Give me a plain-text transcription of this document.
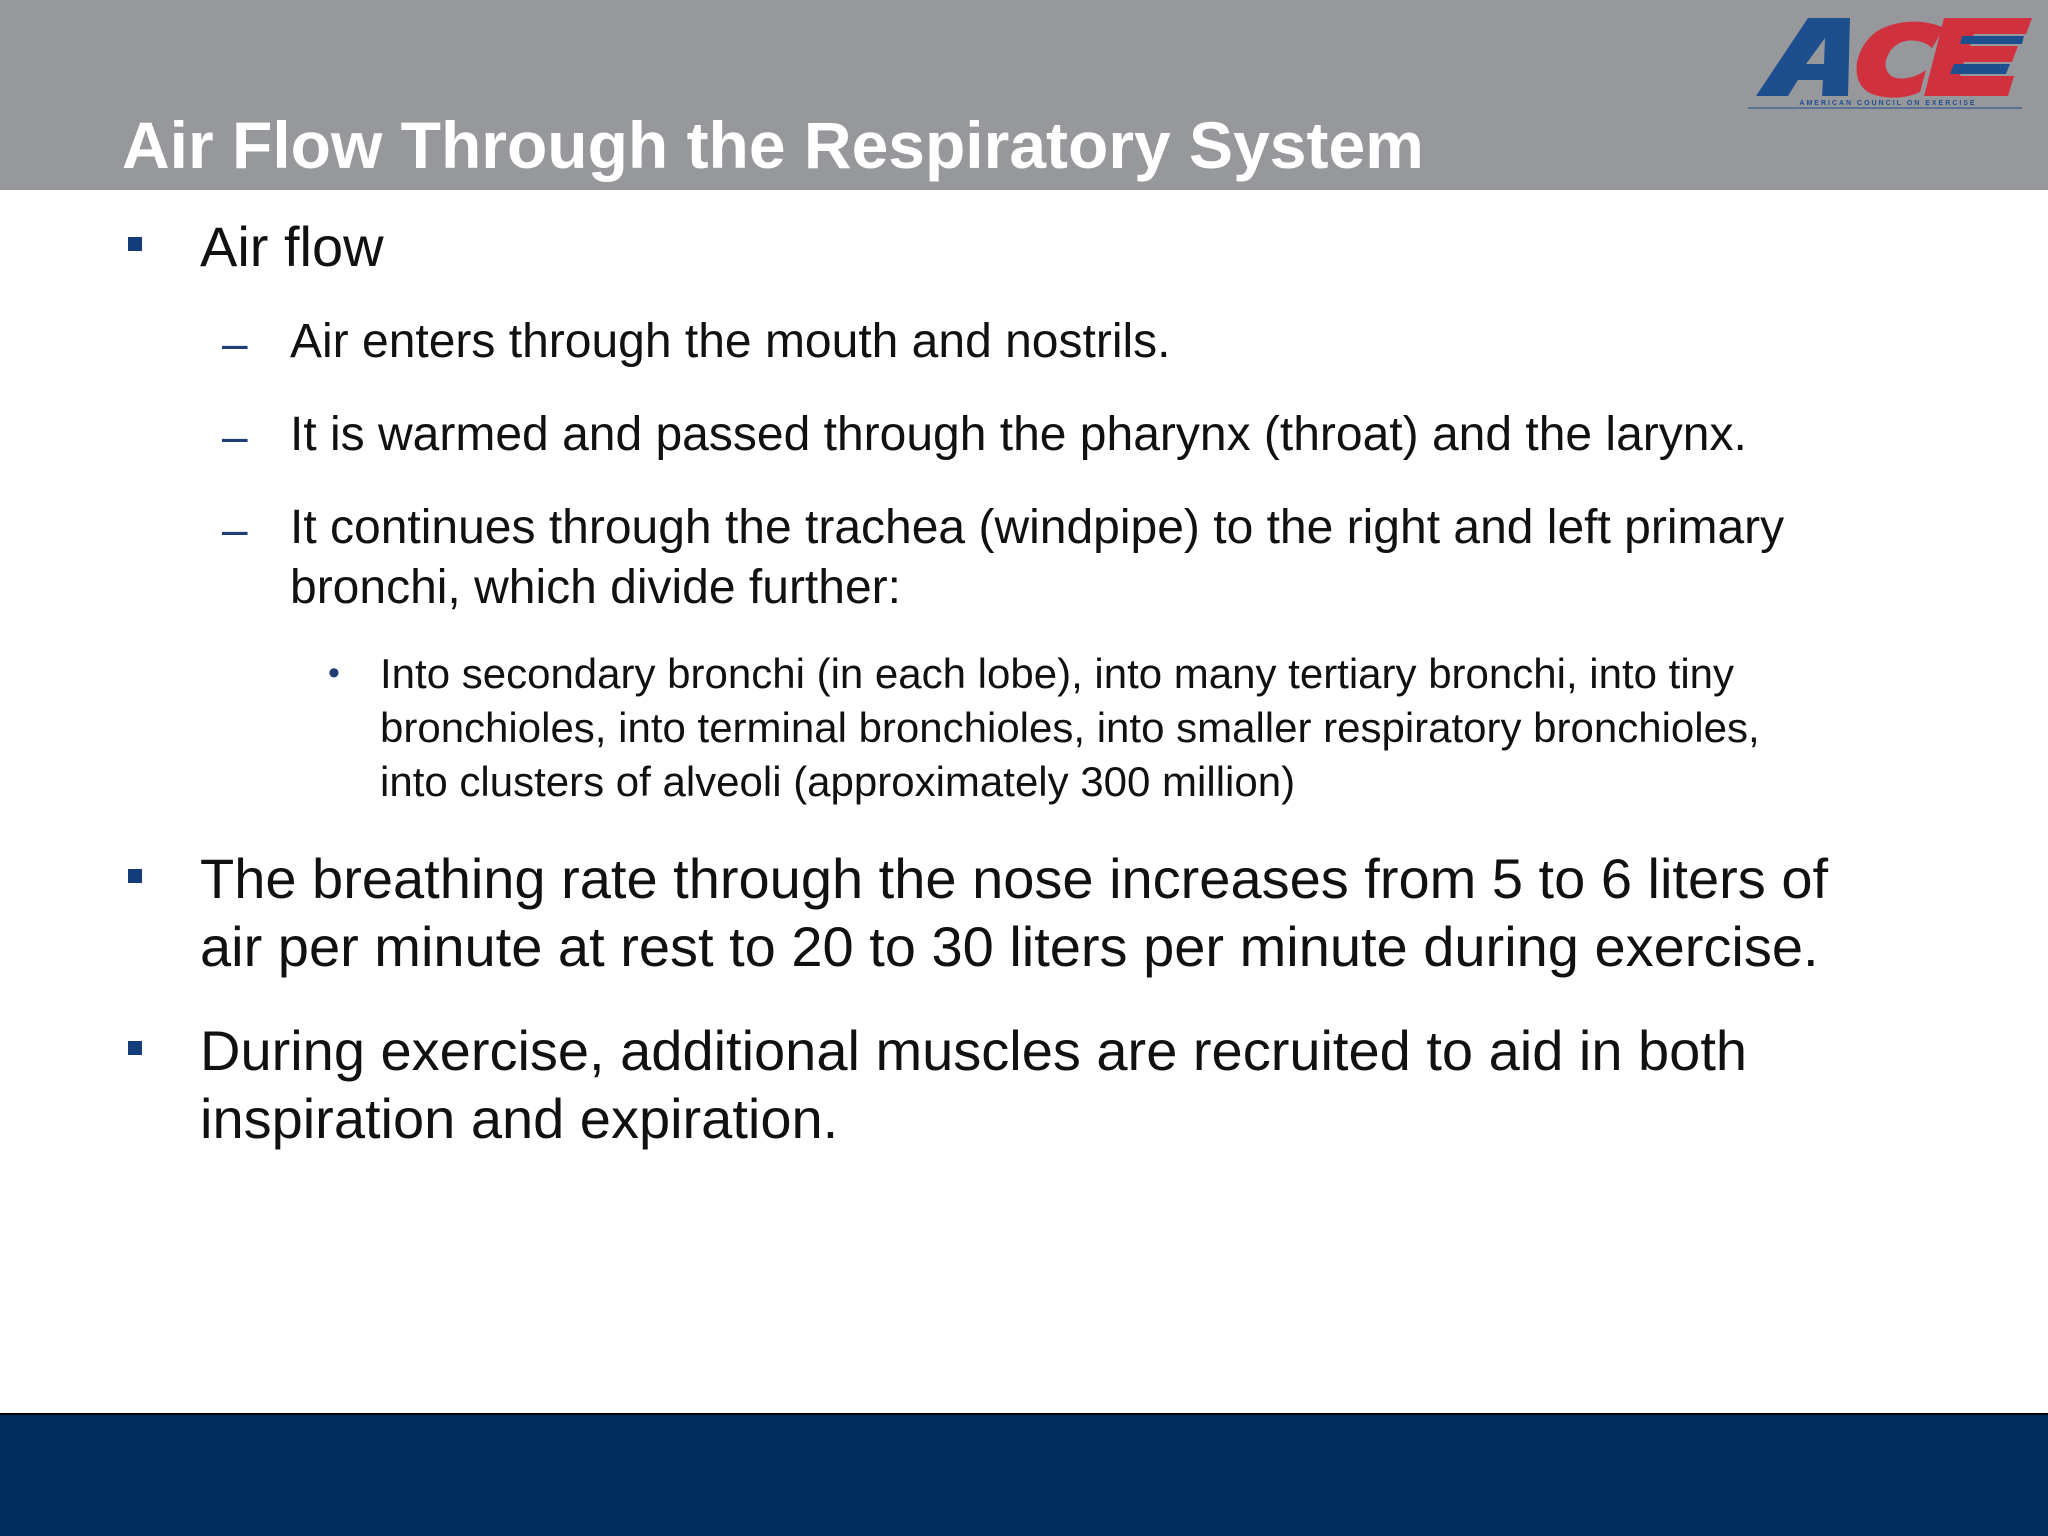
Air Flow Through the Respiratory System
AMERICAN COUNCIL ON EXERCISE
ACE
Air flow
– Air enters through the mouth and nostrils.
– It is warmed and passed through the pharynx (throat) and the larynx.
– It continues through the trachea (windpipe) to the right and left primary
bronchi, which divide further:
• Into secondary bronchi (in each lobe), into many tertiary bronchi, into tiny
bronchioles, into terminal bronchioles, into smaller respiratory bronchioles,
into clusters of alveoli (approximately 300 million)
The breathing rate through the nose increases from 5 to 6 liters of
air per minute at rest to 20 to 30 liters per minute during exercise.
During exercise, additional muscles are recruited to aid in both
inspiration and expiration.
